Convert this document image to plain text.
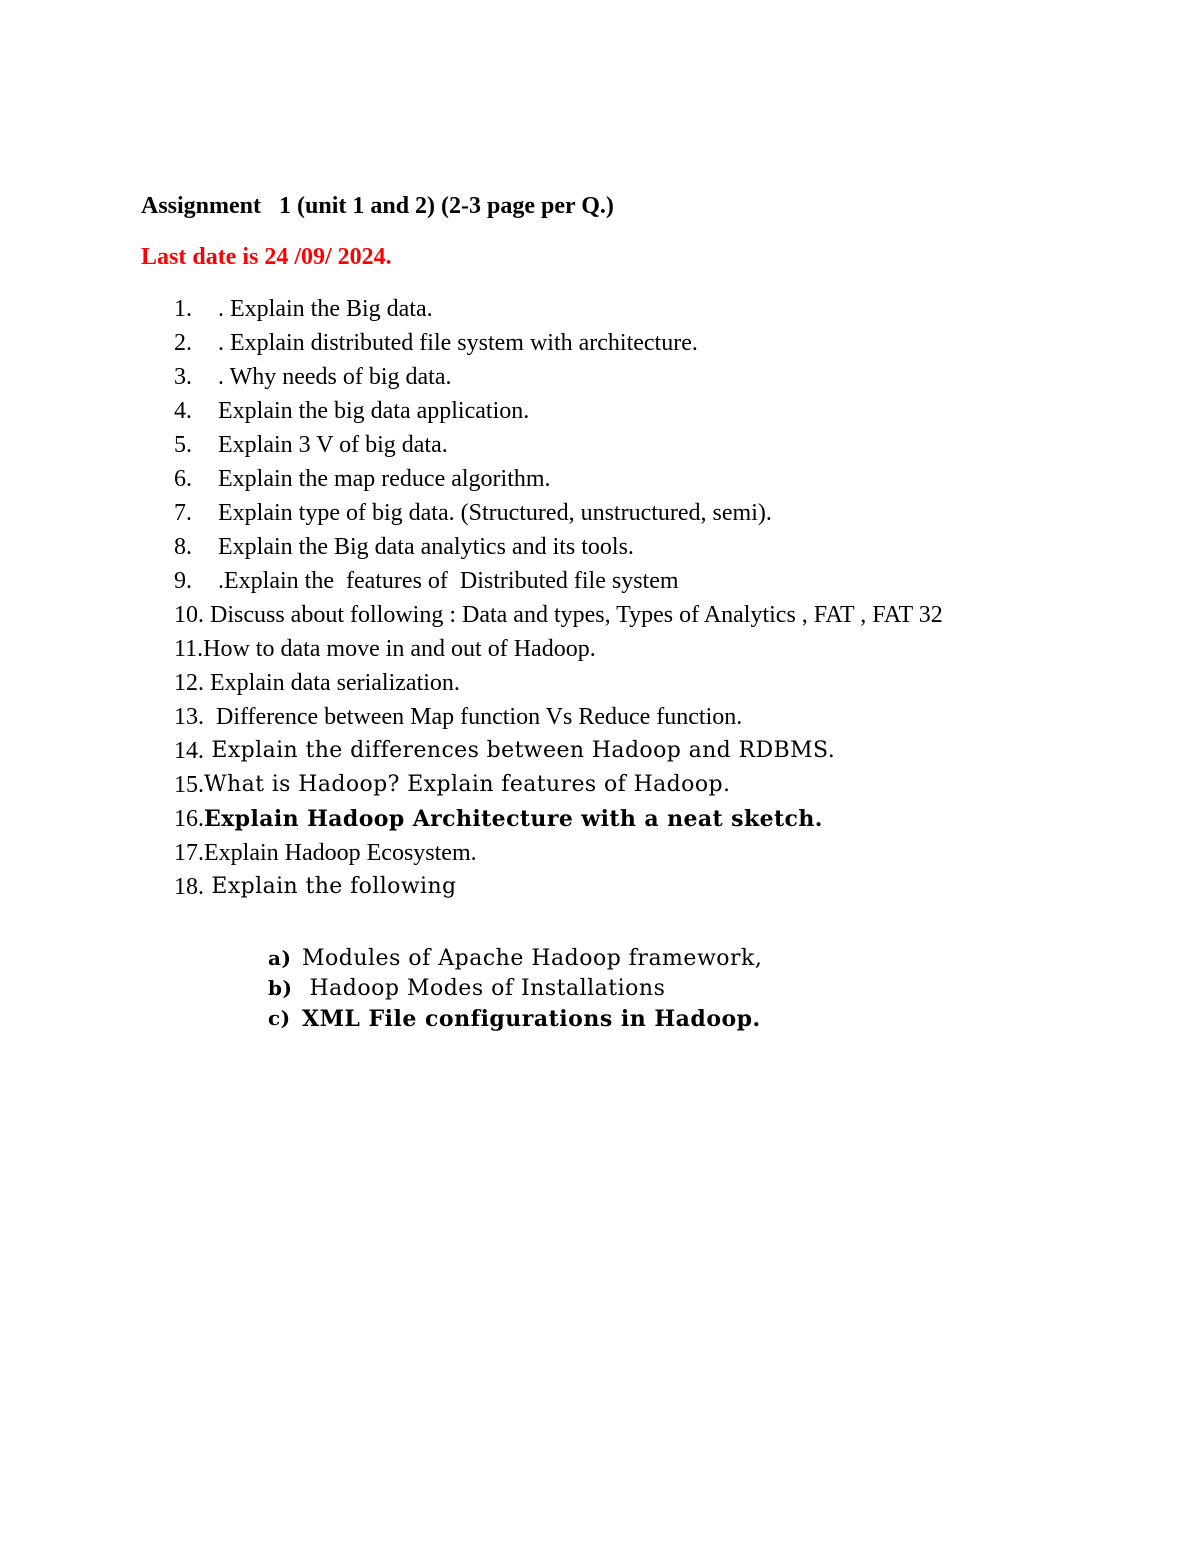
Assignment   1 (unit 1 and 2) (2-3 page per Q.)
Last date is 24 /09/ 2024.
1.	. Explain the Big data.
2.	. Explain distributed file system with architecture.
3.	. Why needs of big data.
4.	Explain the big data application.
5.	Explain 3 V of big data.
6.	Explain the map reduce algorithm.
7.	Explain type of big data. (Structured, unstructured, semi).
8.	Explain the Big data analytics and its tools.
9.	.Explain the  features of  Distributed file system
10. Discuss about following : Data and types, Types of Analytics , FAT , FAT 32
11. How to data move in and out of Hadoop.
12. Explain data serialization.
13. Difference between Map function Vs Reduce function.
14. Explain the differences between Hadoop and RDBMS.
15. What is Hadoop? Explain features of Hadoop.
16. Explain Hadoop Architecture with a neat sketch.
17. Explain Hadoop Ecosystem.
18. Explain the following
a) Modules of Apache Hadoop framework,
b) Hadoop Modes of Installations
c) XML File configurations in Hadoop.
